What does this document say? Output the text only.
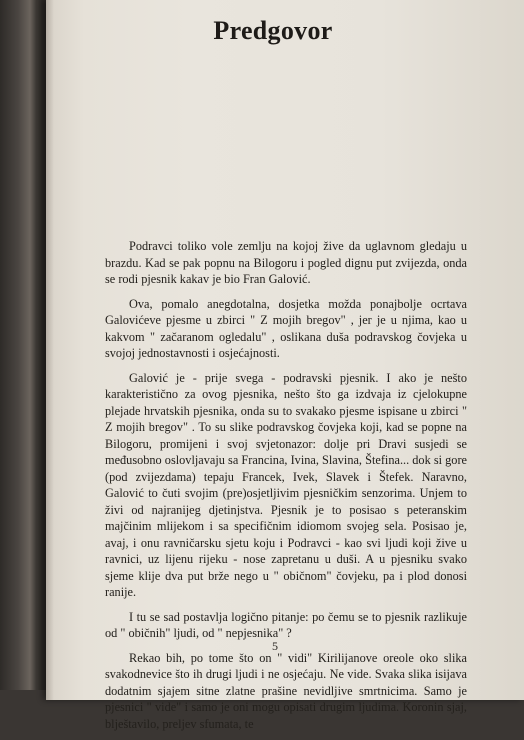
Predgovor

Podravci toliko vole zemlju na kojoj žive da uglavnom gledaju u brazdu. Kad se pak popnu na Bilogoru i pogled dignu put zvijezda, onda se rodi pjesnik kakav je bio Fran Galović.

Ova, pomalo anegdotalna, dosjetka možda ponajbolje ocrtava Galovićeve pjesme u zbirci " Z mojih bregov" , jer je u njima, kao u kakvom " začaranom ogledalu" , oslikana duša podravskog čovjeka u svojoj jednostavnosti i osjećajnosti.

Galović je - prije svega - podravski pjesnik. I ako je nešto karakteristično za ovog pjesnika, nešto što ga izdvaja iz cjelokupne plejade hrvatskih pjesnika, onda su to svakako pjesme ispisane u zbirci " Z mojih bregov" . To su slike podravskog čovjeka koji, kad se popne na Bilogoru, promijeni i svoj svjetonazor: dolje pri Dravi susjedi se međusobno oslovljavaju sa Francina, Ivina, Slavina, Štefina... dok si gore (pod zvijezdama) tepaju Francek, Ivek, Slavek i Štefek. Naravno, Galović to čuti svojim (pre)osjetljivim pjesničkim senzorima. Unjem to živi od najranijeg djetinjstva. Pjesnik je to posisao s peteranskim majčinim mlijekom i sa specifičnim idiomom svojeg sela. Posisao je, avaj, i onu ravničarsku sjetu koju i Podravci - kao svi ljudi koji žive u ravnici, uz lijenu rijeku - nose zapretanu u duši. A u pjesniku svako sjeme klije dva put brže nego u " običnom" čovjeku, pa i plod donosi ranije.

I tu se sad postavlja logično pitanje: po čemu se to pjesnik razlikuje od " običnih" ljudi, od " nepjesnika" ?

Rekao bih, po tome što on " vidi" Kirilijanove oreole oko slika svakodnevice što ih drugi ljudi i ne osjećaju. Ne vide. Svaka slika isijava dodatnim sjajem sitne zlatne prašine nevidljive smrtnicima. Samo je pjesnici " vide" i samo je oni mogu opisati drugim ljudima. Koronin sjaj, blještavilo, preljev sfumata, te

5
